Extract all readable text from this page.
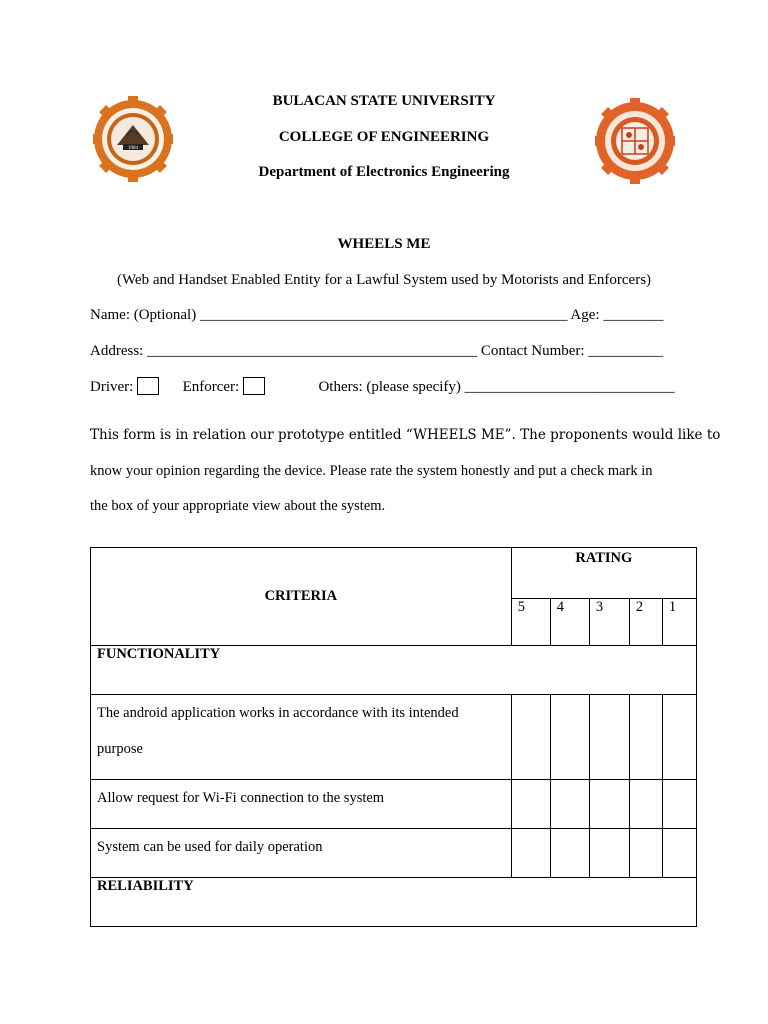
1904
BULACAN STATE UNIVERSITY
COLLEGE OF ENGINEERING
Department of Electronics Engineering
WHEELS ME
(Web and Handset Enabled Entity for a Lawful System used by Motorists and Enforcers)
Name: (Optional) _________________________________________________ Age: ________
Address: ____________________________________________ Contact Number: __________
Driver:	Enforcer:	Others: (please specify) ____________________________
This form is in relation our prototype entitled “WHEELS ME”. The proponents would like to
know your opinion regarding the device. Please rate the system honestly and put a check mark in
the box of your appropriate view about the system.
CRITERIA	RATING				
	5	4	3	2	1
FUNCTIONALITY					

The android application works in accordance with its intended
purpose					

Allow request for Wi-Fi connection to the system					

System can be used for daily operation					

RELIABILITY					
